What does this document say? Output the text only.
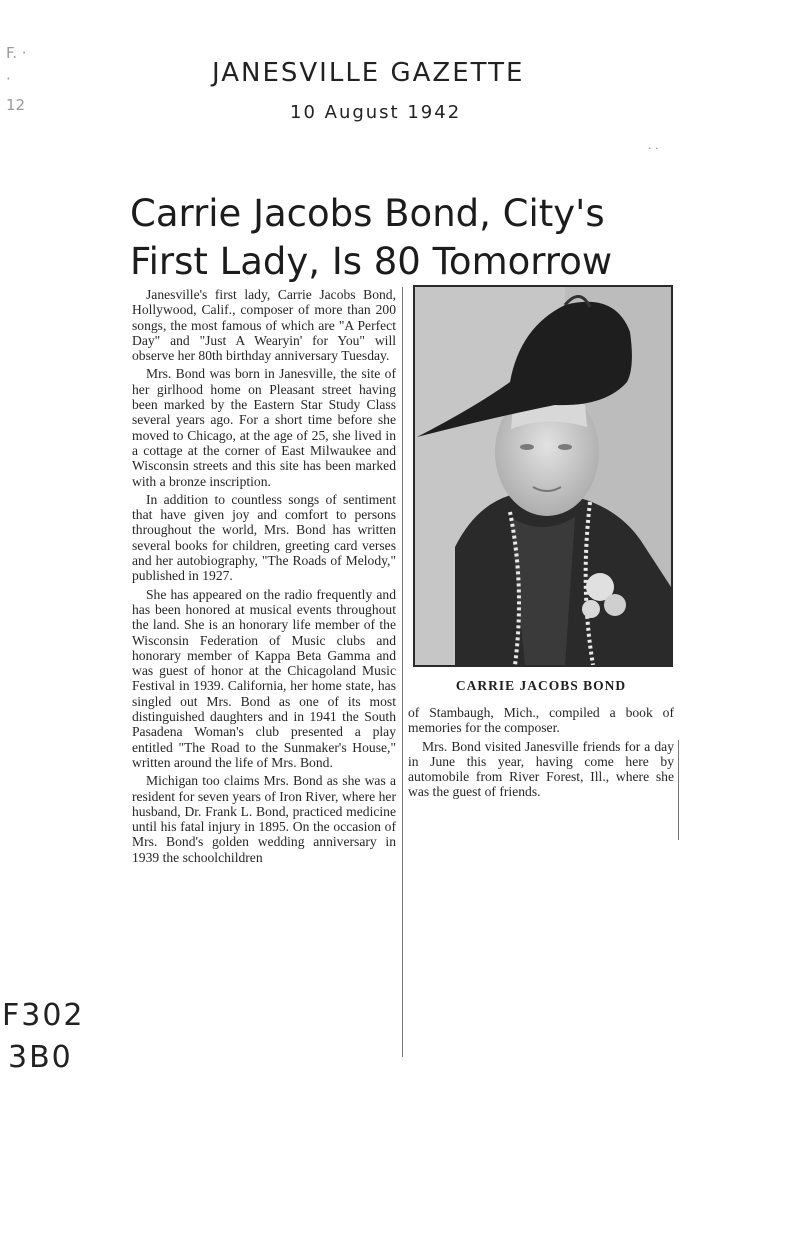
JANESVILLE GAZETTE
10 August 1942
F. ·
·
12
· ·
Carrie Jacobs Bond, City's First Lady, Is 80 Tomorrow

Janesville's first lady, Carrie Jacobs Bond, Hollywood, Calif., composer of more than 200 songs, the most famous of which are "A Perfect Day" and "Just A Wearyin' for You" will observe her 80th birthday anniversary Tuesday.

Mrs. Bond was born in Janesville, the site of her girlhood home on Pleasant street having been marked by the Eastern Star Study Class several years ago. For a short time before she moved to Chicago, at the age of 25, she lived in a cottage at the corner of East Milwaukee and Wisconsin streets and this site has been marked with a bronze inscription.

In addition to countless songs of sentiment that have given joy and comfort to persons throughout the world, Mrs. Bond has written several books for children, greeting card verses and her autobiography, "The Roads of Melody," published in 1927.

She has appeared on the radio frequently and has been honored at musical events throughout the land. She is an honorary life member of the Wisconsin Federation of Music clubs and honorary member of Kappa Beta Gamma and was guest of honor at the Chicagoland Music Festival in 1939. California, her home state, has singled out Mrs. Bond as one of its most distinguished daughters and in 1941 the South Pasadena Woman's club presented a play entitled "The Road to the Sunmaker's House," written around the life of Mrs. Bond.

Michigan too claims Mrs. Bond as she was a resident for seven years of Iron River, where her husband, Dr. Frank L. Bond, practiced medicine until his fatal injury in 1895. On the occasion of Mrs. Bond's golden wedding anniversary in 1939 the schoolchildren

CARRIE JACOBS BOND

of Stambaugh, Mich., compiled a book of memories for the composer.

Mrs. Bond visited Janesville friends for a day in June this year, having come here by automobile from River Forest, Ill., where she was the guest of friends.

F302
3B0
